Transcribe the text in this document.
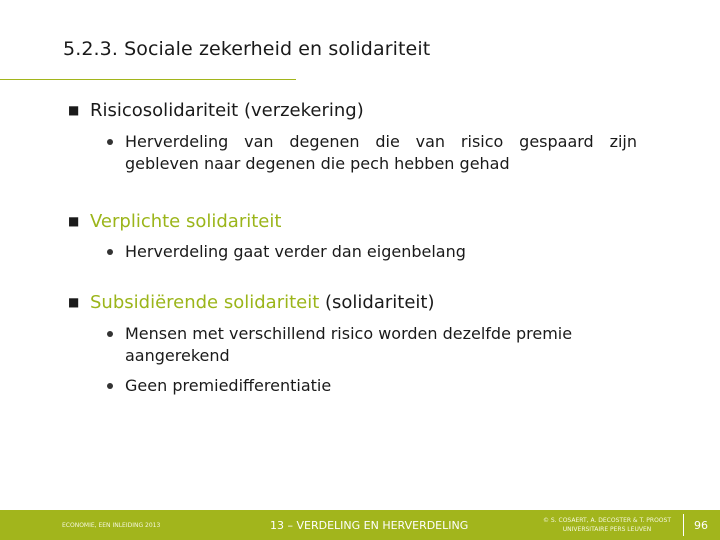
5.2.3. Sociale zekerheid en solidariteit
■ Risicosolidariteit (verzekering)
Herverdeling van degenen die van risico gespaard zijn gebleven naar degenen die pech hebben gehad
■ Verplichte solidariteit
Herverdeling gaat verder dan eigenbelang
■ Subsidiërende solidariteit (solidariteit)
Mensen met verschillend risico worden dezelfde premie aangerekend
Geen premiedifferentiatie
ECONOMIE, EEN INLEIDING 2013	13 – VERDELING EN HERVERDELING	© S. COSAERT, A. DECOSTER & T. PROOST
UNIVERSITAIRE PERS LEUVEN	96
